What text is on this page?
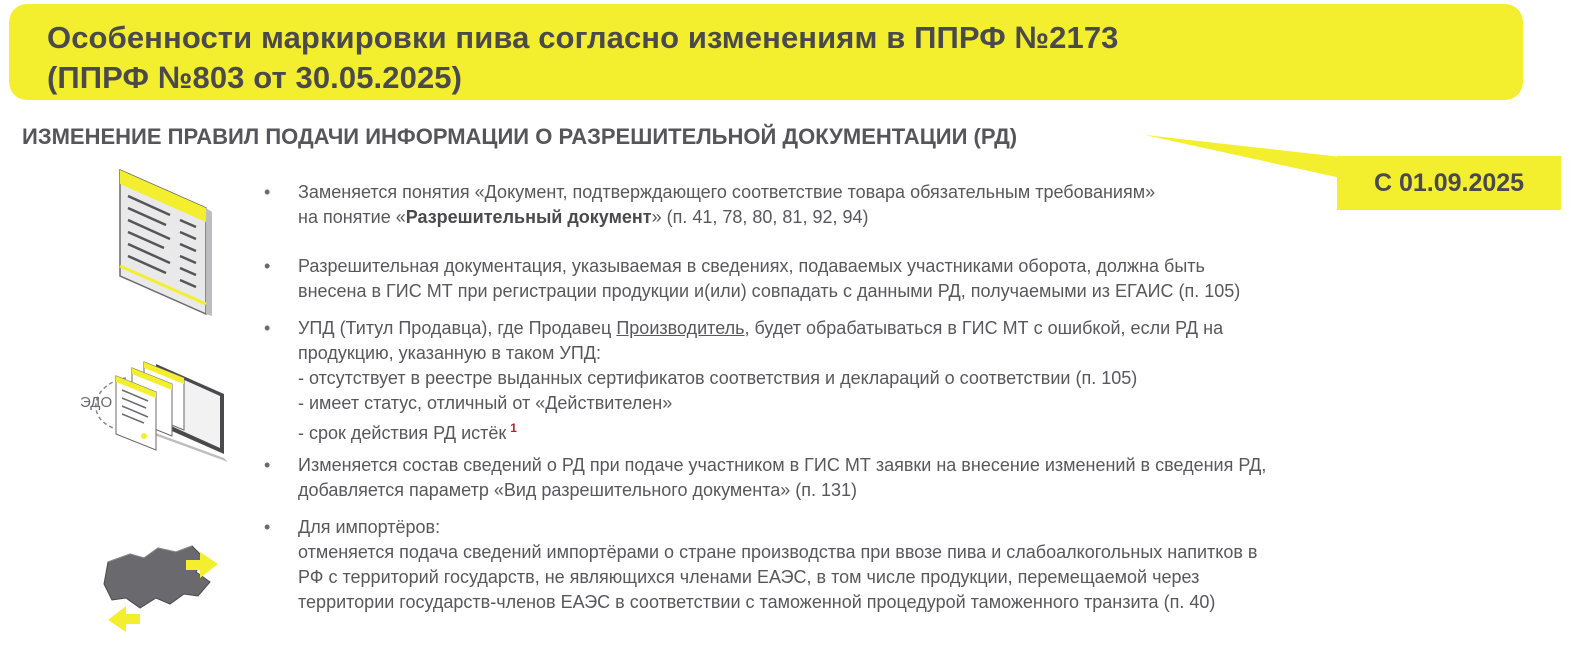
Особенности маркировки пива согласно изменениям в ППРФ №2173
(ППРФ №803 от 30.05.2025)
ИЗМЕНЕНИЕ ПРАВИЛ ПОДАЧИ ИНФОРМАЦИИ О РАЗРЕШИТЕЛЬНОЙ ДОКУМЕНТАЦИИ (РД)
С 01.09.2025
ЭДО
• Заменяется понятия «Документ, подтверждающего соответствие товара обязательным требованиям»
на понятие «Разрешительный документ» (п. 41, 78, 80, 81, 92, 94)
• Разрешительная документация, указываемая в сведениях, подаваемых участниками оборота, должна быть
внесена в ГИС МТ при регистрации продукции и(или) совпадать с данными РД, получаемыми из ЕГАИС (п. 105)
• УПД (Титул Продавца), где Продавец Производитель, будет обрабатываться в ГИС МТ с ошибкой, если РД на
продукцию, указанную в таком УПД:
- отсутствует в реестре выданных сертификатов соответствия и деклараций о соответствии (п. 105)
- имеет статус, отличный от «Действителен»
- срок действия РД истёк $^1$
• Изменяется состав сведений о РД при подаче участником в ГИС МТ заявки на внесение изменений в сведения РД,
добавляется параметр «Вид разрешительного документа» (п. 131)
• Для импортёров:
отменяется подача сведений импортёрами о стране производства при ввозе пива и слабоалкогольных напитков в
РФ с территорий государств, не являющихся членами ЕАЭС, в том числе продукции, перемещаемой через
территории государств-членов ЕАЭС в соответствии с таможенной процедурой таможенного транзита (п. 40)
